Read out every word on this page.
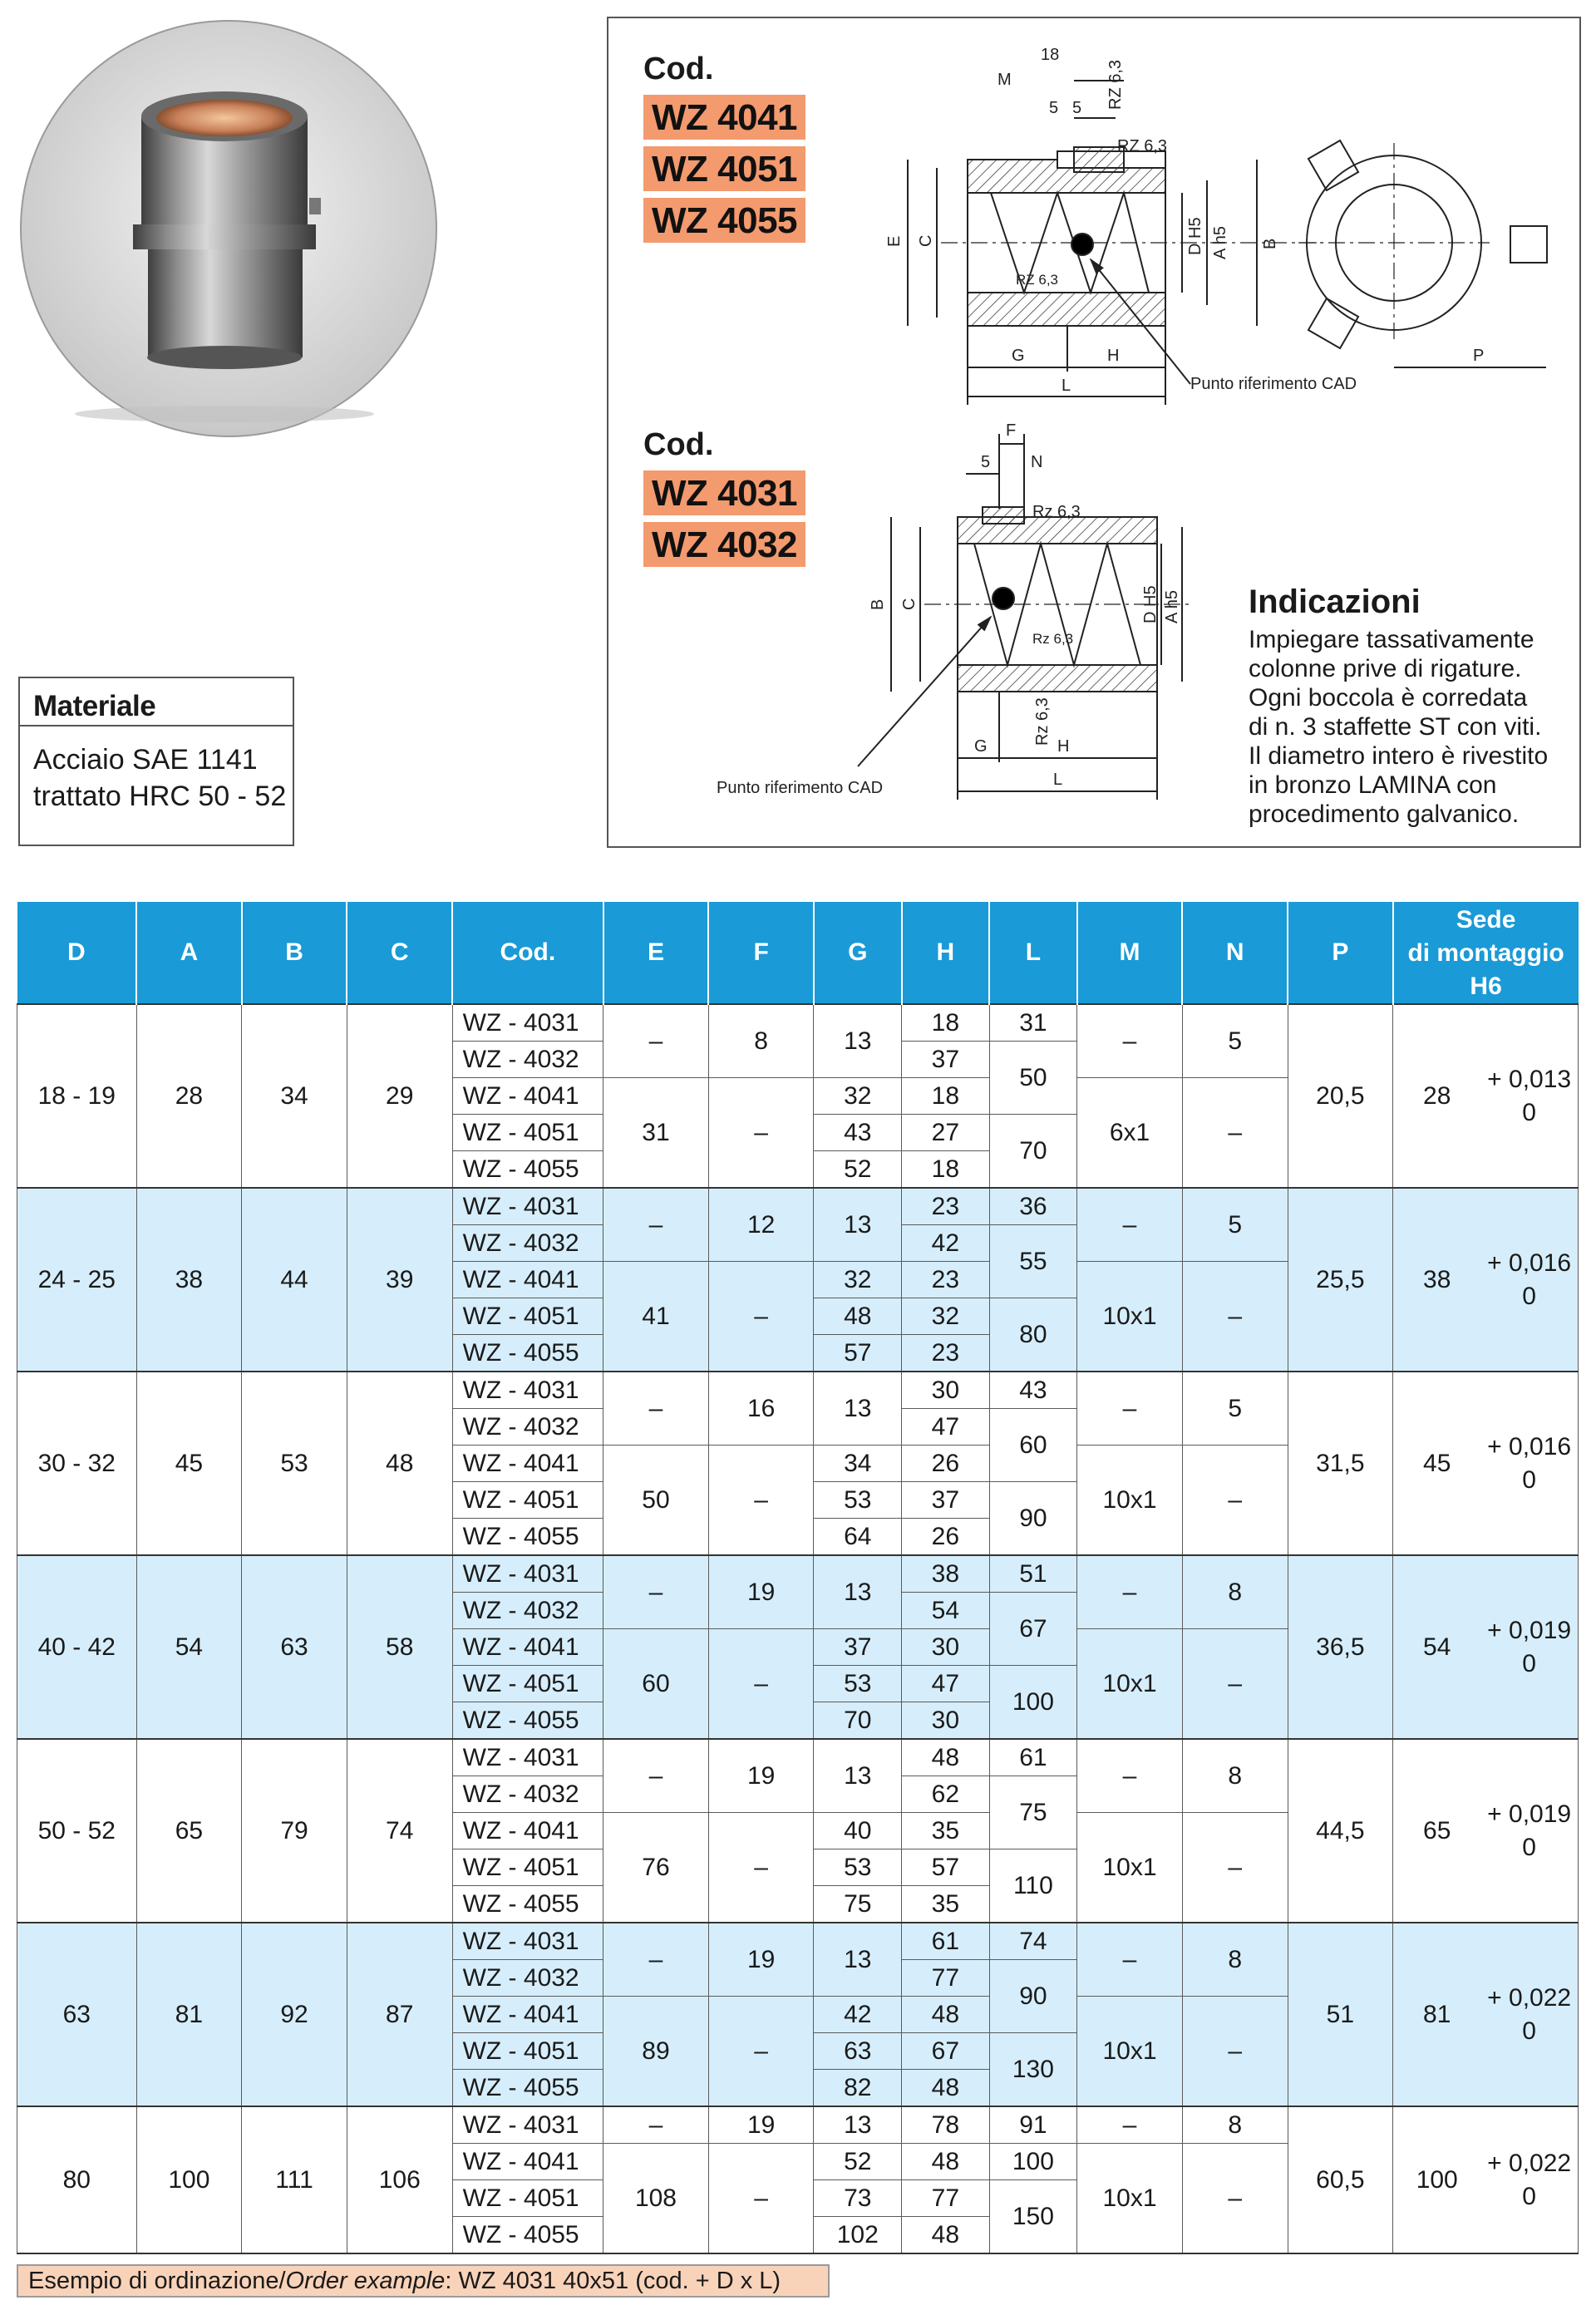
Materiale
Acciaio SAE 1141
trattato HRC 50 - 52
18
M
5 5 RZ 6,3
RZ 6,3
RZ 6,3
E C	D H5 A h5 B
G	H
L
P
Punto riferimento CAD
F
5 N
Rz 6,3
B C	D H5 A h5
Rz 6,3
Rz 6,3
G	H
L
Punto riferimento CAD
Cod.
WZ 4041
WZ 4051
WZ 4055
Cod.
WZ 4031
WZ 4032
Indicazioni
Impiegare tassativamente
colonne prive di rigature.
Ogni boccola è corredata
di n. 3 staffette ST con viti.
Il diametro intero è rivestito
in bronzo LAMINA con
procedimento galvanico.
D	A	B	C	Cod.	E	F	G	H	L	M	N	P	Sede
di montaggio H6	

18 - 19	28	34	29	WZ - 4031	–	8	13	18	31	–	5	20,5	28	+ 0,013
0

				WZ - 4032				37	50					
				WZ - 4041	31	–	32	18		6x1	–			
				WZ - 4051			43	27	70					
				WZ - 4055			52	18						
24 - 25	38	44	39	WZ - 4031	–	12	13	23	36	–	5	25,5	38	+ 0,016
0

				WZ - 4032				42	55					
				WZ - 4041	41	–	32	23		10x1	–			
				WZ - 4051			48	32	80					
				WZ - 4055			57	23						
30 - 32	45	53	48	WZ - 4031	–	16	13	30	43	–	5	31,5	45	+ 0,016
0

				WZ - 4032				47	60					
				WZ - 4041	50	–	34	26		10x1	–			
				WZ - 4051			53	37	90					
				WZ - 4055			64	26						
40 - 42	54	63	58	WZ - 4031	–	19	13	38	51	–	8	36,5	54	+ 0,019
0

				WZ - 4032				54	67					
				WZ - 4041	60	–	37	30		10x1	–			
				WZ - 4051			53	47	100					
				WZ - 4055			70	30						
50 - 52	65	79	74	WZ - 4031	–	19	13	48	61	–	8	44,5	65	+ 0,019
0

				WZ - 4032				62	75					
				WZ - 4041	76	–	40	35		10x1	–			
				WZ - 4051			53	57	110					
				WZ - 4055			75	35						
63	81	92	87	WZ - 4031	–	19	13	61	74	–	8	51	81	+ 0,022
0

				WZ - 4032				77	90					
				WZ - 4041	89	–	42	48		10x1	–			
				WZ - 4051			63	67	130					
				WZ - 4055			82	48						
80	100	111	106	WZ - 4031	–	19	13	78	91	–	8	60,5	100	+ 0,022
0

				WZ - 4041	108	–	52	48	100	10x1	–			
				WZ - 4051			73	77	150					
				WZ - 4055			102	48						
Esempio di ordinazione/Order example: WZ 4031 40x51 (cod. + D x L)
